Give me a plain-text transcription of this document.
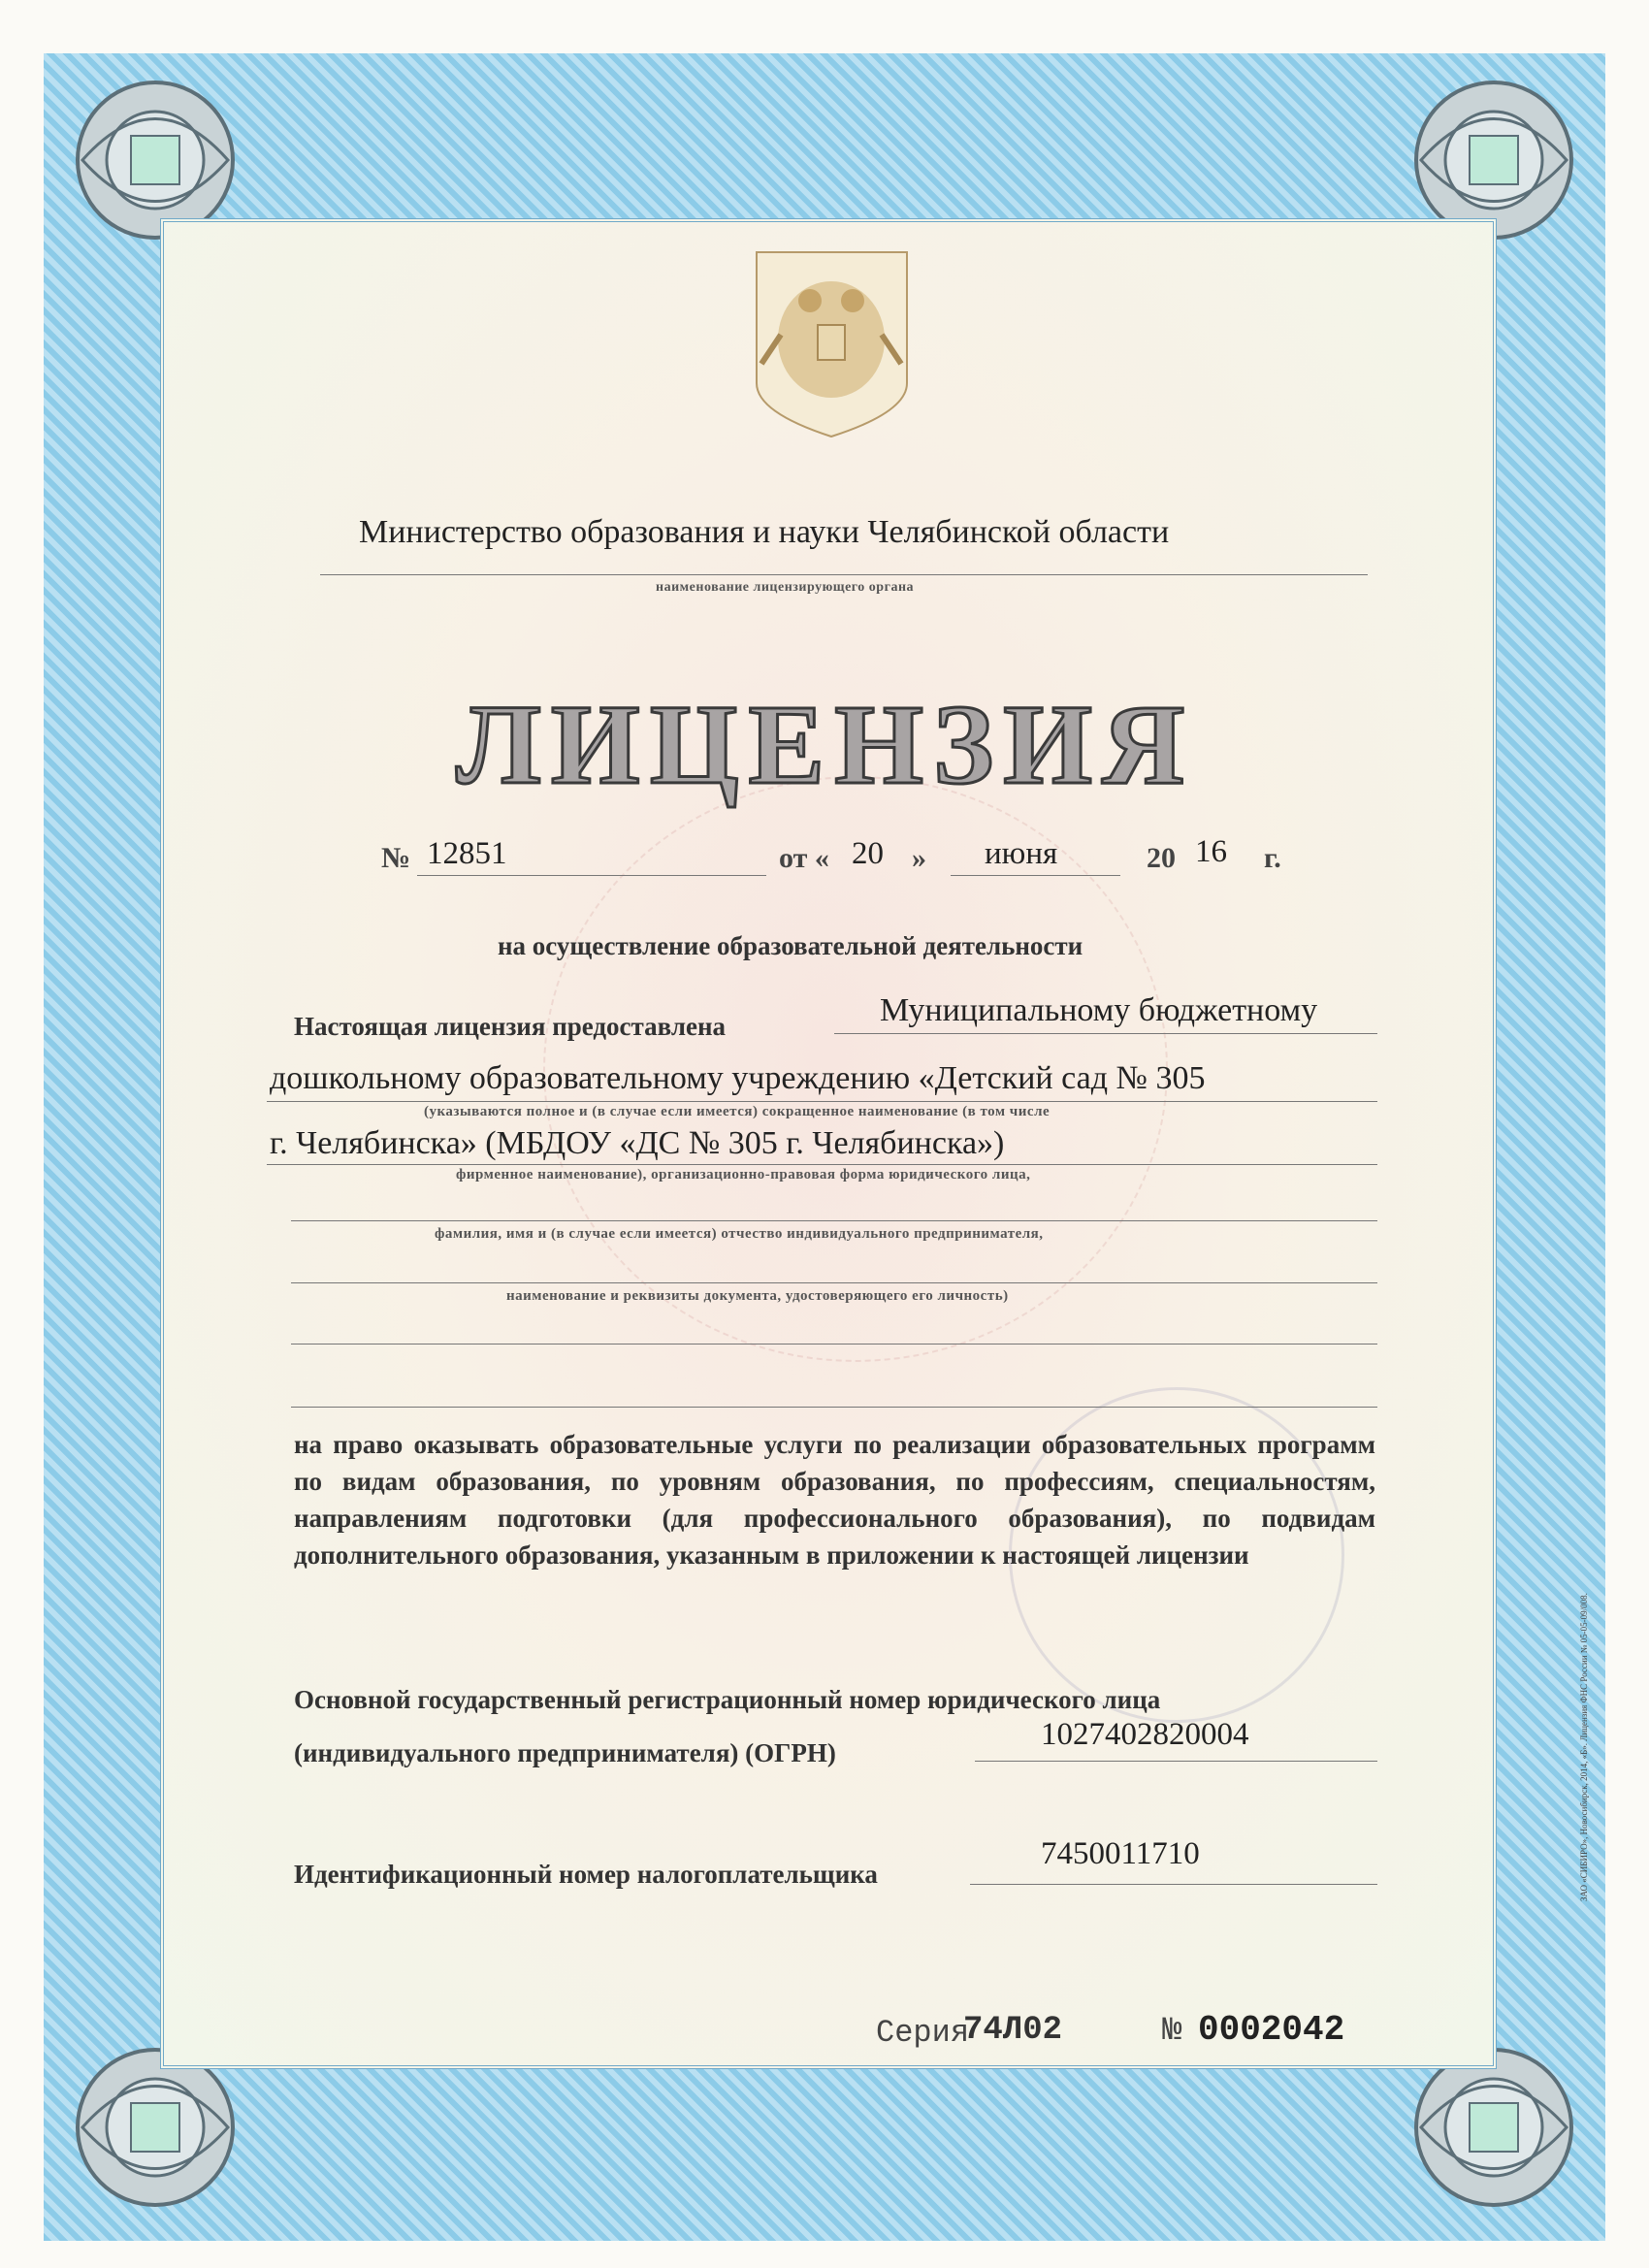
Министерство образования и науки Челябинской области
наименование лицензирующего органа
ЛИЦЕНЗИЯ
№ 12851	от « 20 » июня	20 16 г.
на осуществление образовательной деятельности
Настоящая лицензия предоставлена	Муниципальному бюджетному
дошкольному образовательному учреждению «Детский сад № 305
(указываются полное и (в случае если имеется) сокращенное наименование (в том числе
г. Челябинска» (МБДОУ «ДС № 305 г. Челябинска»)
фирменное наименование), организационно-правовая форма юридического лица,
фамилия, имя и (в случае если имеется) отчество индивидуального предпринимателя,
наименование и реквизиты документа, удостоверяющего его личность)
на право оказывать образовательные услуги по реализации образовательных программ по видам образования, по уровням образования, по профессиям, специальностям, направлениям подготовки (для профессионального образования), по подвидам дополнительного образования, указанным в приложении к настоящей лицензии
Основной государственный регистрационный номер юридического лица
(индивидуального предпринимателя) (ОГРН)
1027402820004
Идентификационный номер налогоплательщика
7450011710
Серия
74Л02	№ 0002042
ЗАО «СИБИРО», Новосибирск, 2014, «Б». Лицензия ФНС России № 05-05-09/008.
